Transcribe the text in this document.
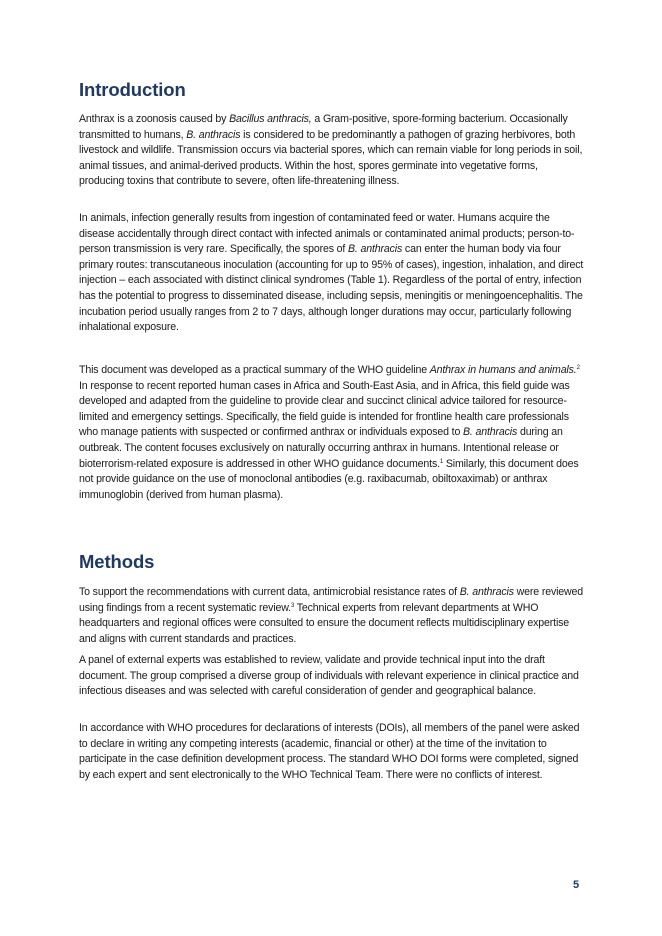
Introduction

Anthrax is a zoonosis caused by Bacillus anthracis, a Gram-positive, spore-forming bacterium. Occasionally transmitted to humans, B. anthracis is considered to be predominantly a pathogen of grazing herbivores, both livestock and wildlife. Transmission occurs via bacterial spores, which can remain viable for long periods in soil, animal tissues, and animal-derived products. Within the host, spores germinate into vegetative forms, producing toxins that contribute to severe, often life-threatening illness.

In animals, infection generally results from ingestion of contaminated feed or water. Humans acquire the disease accidentally through direct contact with infected animals or contaminated animal products; person-to-person transmission is very rare. Specifically, the spores of B. anthracis can enter the human body via four primary routes: transcutaneous inoculation (accounting for up to 95% of cases), ingestion, inhalation, and direct injection – each associated with distinct clinical syndromes (Table 1). Regardless of the portal of entry, infection has the potential to progress to disseminated disease, including sepsis, meningitis or meningoencephalitis. The incubation period usually ranges from 2 to 7 days, although longer durations may occur, particularly following inhalational exposure.

This document was developed as a practical summary of the WHO guideline Anthrax in humans and animals.$^2$ In response to recent reported human cases in Africa and South-East Asia, and in Africa, this field guide was developed and adapted from the guideline to provide clear and succinct clinical advice tailored for resource-limited and emergency settings. Specifically, the field guide is intended for frontline health care professionals who manage patients with suspected or confirmed anthrax or individuals exposed to B. anthracis during an outbreak. The content focuses exclusively on naturally occurring anthrax in humans. Intentional release or bioterrorism-related exposure is addressed in other WHO guidance documents.$^1$ Similarly, this document does not provide guidance on the use of monoclonal antibodies (e.g. raxibacumab, obiltoxaximab) or anthrax immunoglobin (derived from human plasma).

Methods

To support the recommendations with current data, antimicrobial resistance rates of B. anthracis were reviewed using findings from a recent systematic review.$^3$ Technical experts from relevant departments at WHO headquarters and regional offices were consulted to ensure the document reflects multidisciplinary expertise and aligns with current standards and practices.

A panel of external experts was established to review, validate and provide technical input into the draft document. The group comprised a diverse group of individuals with relevant experience in clinical practice and infectious diseases and was selected with careful consideration of gender and geographical balance.

In accordance with WHO procedures for declarations of interests (DOIs), all members of the panel were asked to declare in writing any competing interests (academic, financial or other) at the time of the invitation to participate in the case definition development process. The standard WHO DOI forms were completed, signed by each expert and sent electronically to the WHO Technical Team. There were no conflicts of interest.

5
